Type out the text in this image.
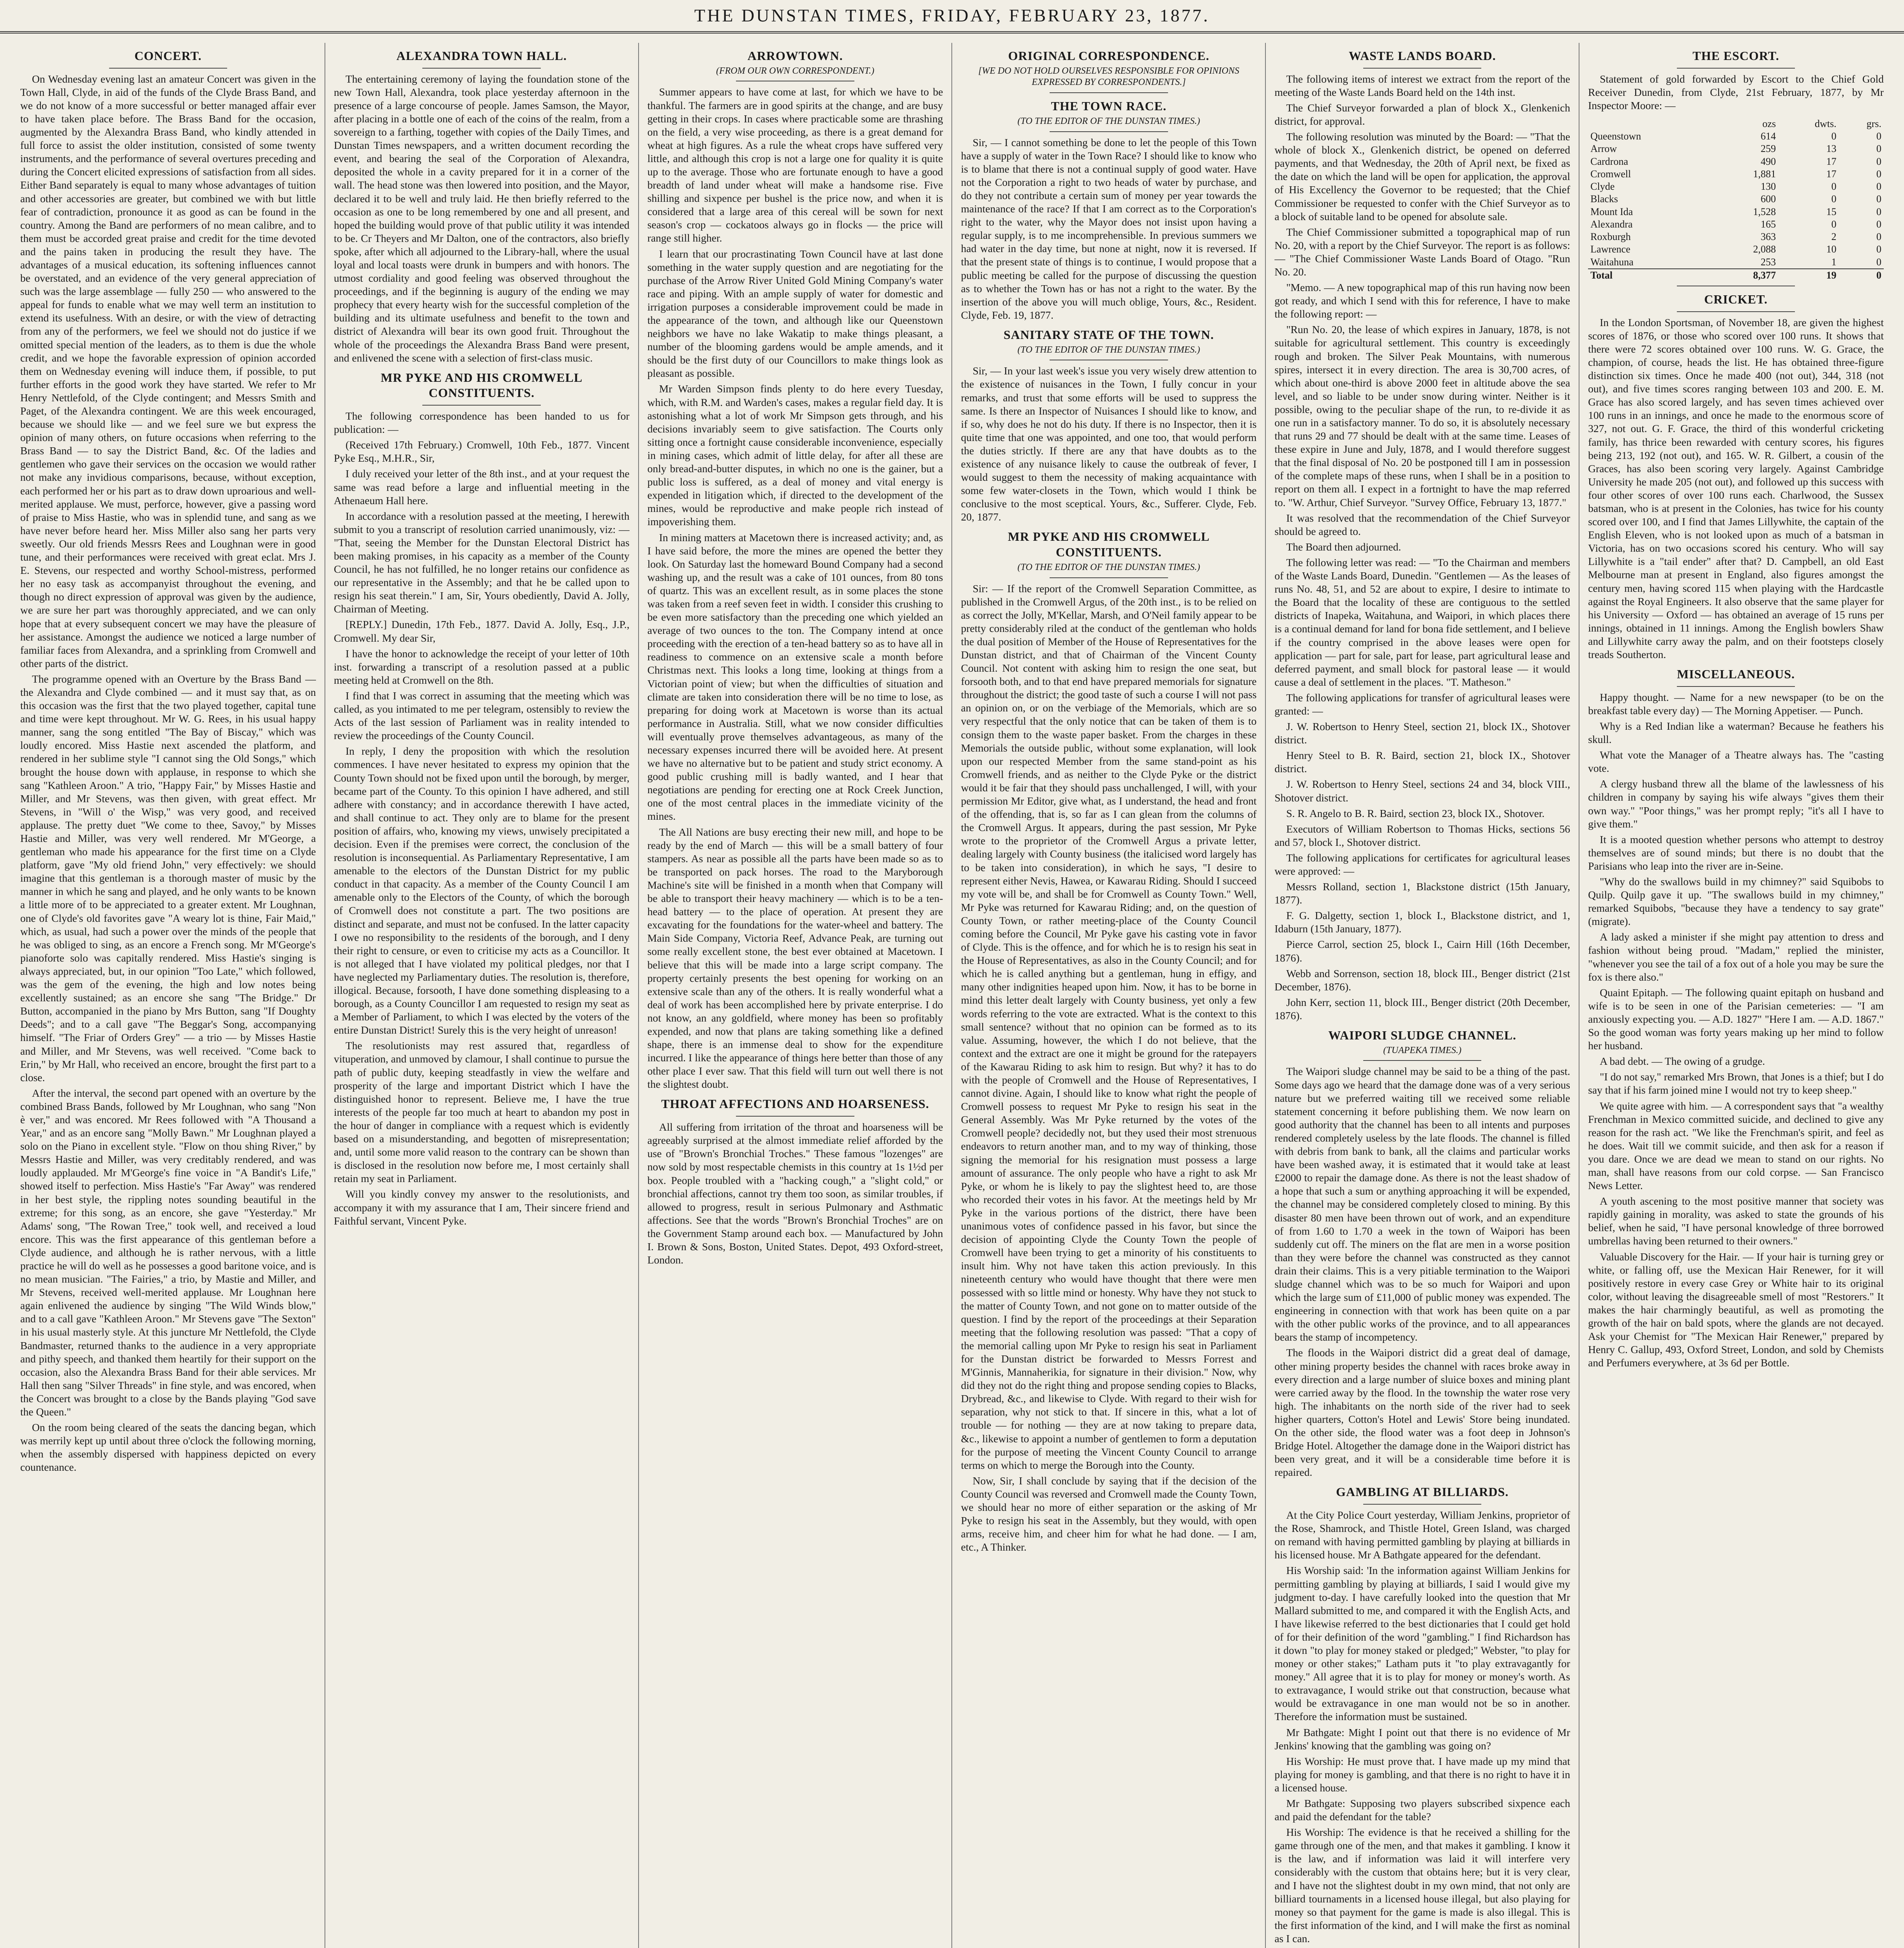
THE DUNSTAN TIMES, FRIDAY, FEBRUARY 23, 1877.
CONCERT.

On Wednesday evening last an amateur Concert was given in the Town Hall, Clyde, in aid of the funds of the Clyde Brass Band, and we do not know of a more successful or better managed affair ever to have taken place before. The Brass Band for the occasion, augmented by the Alexandra Brass Band, who kindly attended in full force to assist the older institution, consisted of some twenty instruments, and the performance of several overtures preceding and during the Concert elicited expressions of satisfaction from all sides. Either Band separately is equal to many whose advantages of tuition and other accessories are greater, but combined we with but little fear of contradiction, pronounce it as good as can be found in the country. Among the Band are performers of no mean calibre, and to them must be accorded great praise and credit for the time devoted and the pains taken in producing the result they have. The advantages of a musical education, its softening influences cannot be overstated, and an evidence of the very general appreciation of such was the large assemblage — fully 250 — who answered to the appeal for funds to enable what we may well term an institution to extend its usefulness. With an desire, or with the view of detracting from any of the performers, we feel we should not do justice if we omitted special mention of the leaders, as to them is due the whole credit, and we hope the favorable expression of opinion accorded them on Wednesday evening will induce them, if possible, to put further efforts in the good work they have started. We refer to Mr Henry Nettlefold, of the Clyde contingent; and Messrs Smith and Paget, of the Alexandra contingent. We are this week encouraged, because we should like — and we feel sure we but express the opinion of many others, on future occasions when referring to the Brass Band — to say the District Band, &c. Of the ladies and gentlemen who gave their services on the occasion we would rather not make any invidious comparisons, because, without exception, each performed her or his part as to draw down uproarious and well-merited applause. We must, perforce, however, give a passing word of praise to Miss Hastie, who was in splendid tune, and sang as we have never before heard her. Miss Miller also sang her parts very sweetly. Our old friends Messrs Rees and Loughnan were in good tune, and their performances were received with great eclat. Mrs J. E. Stevens, our respected and worthy School-mistress, performed her no easy task as accompanyist throughout the evening, and though no direct expression of approval was given by the audience, we are sure her part was thoroughly appreciated, and we can only hope that at every subsequent concert we may have the pleasure of her assistance. Amongst the audience we noticed a large number of familiar faces from Alexandra, and a sprinkling from Cromwell and other parts of the district.

The programme opened with an Overture by the Brass Band — the Alexandra and Clyde combined — and it must say that, as on this occasion was the first that the two played together, capital tune and time were kept throughout. Mr W. G. Rees, in his usual happy manner, sang the song entitled "The Bay of Biscay," which was loudly encored. Miss Hastie next ascended the platform, and rendered in her sublime style "I cannot sing the Old Songs," which brought the house down with applause, in response to which she sang "Kathleen Aroon." A trio, "Happy Fair," by Misses Hastie and Miller, and Mr Stevens, was then given, with great effect. Mr Stevens, in "Will o' the Wisp," was very good, and received applause. The pretty duet "We come to thee, Savoy," by Misses Hastie and Miller, was very well rendered. Mr M'George, a gentleman who made his appearance for the first time on a Clyde platform, gave "My old friend John," very effectively: we should imagine that this gentleman is a thorough master of music by the manner in which he sang and played, and he only wants to be known a little more of to be appreciated to a greater extent. Mr Loughnan, one of Clyde's old favorites gave "A weary lot is thine, Fair Maid," which, as usual, had such a power over the minds of the people that he was obliged to sing, as an encore a French song. Mr M'George's pianoforte solo was capitally rendered. Miss Hastie's singing is always appreciated, but, in our opinion "Too Late," which followed, was the gem of the evening, the high and low notes being excellently sustained; as an encore she sang "The Bridge." Dr Button, accompanied in the piano by Mrs Button, sang "If Doughty Deeds"; and to a call gave "The Beggar's Song, accompanying himself. "The Friar of Orders Grey" — a trio — by Misses Hastie and Miller, and Mr Stevens, was well received. "Come back to Erin," by Mr Hall, who received an encore, brought the first part to a close.

After the interval, the second part opened with an overture by the combined Brass Bands, followed by Mr Loughnan, who sang "Non è ver," and was encored. Mr Rees followed with "A Thousand a Year," and as an encore sang "Molly Bawn." Mr Loughnan played a solo on the Piano in excellent style. "Flow on thou shing River," by Messrs Hastie and Miller, was very creditably rendered, and was loudly applauded. Mr M'George's fine voice in "A Bandit's Life," showed itself to perfection. Miss Hastie's "Far Away" was rendered in her best style, the rippling notes sounding beautiful in the extreme; for this song, as an encore, she gave "Yesterday." Mr Adams' song, "The Rowan Tree," took well, and received a loud encore. This was the first appearance of this gentleman before a Clyde audience, and although he is rather nervous, with a little practice he will do well as he possesses a good baritone voice, and is no mean musician. "The Fairies," a trio, by Mastie and Miller, and Mr Stevens, received well-merited applause. Mr Loughnan here again enlivened the audience by singing "The Wild Winds blow," and to a call gave "Kathleen Aroon." Mr Stevens gave "The Sexton" in his usual masterly style. At this juncture Mr Nettlefold, the Clyde Bandmaster, returned thanks to the audience in a very appropriate and pithy speech, and thanked them heartily for their support on the occasion, also the Alexandra Brass Band for their able services. Mr Hall then sang "Silver Threads" in fine style, and was encored, when the Concert was brought to a close by the Bands playing "God save the Queen."

On the room being cleared of the seats the dancing began, which was merrily kept up until about three o'clock the following morning, when the assembly dispersed with happiness depicted on every countenance.

ALEXANDRA TOWN HALL.

The entertaining ceremony of laying the foundation stone of the new Town Hall, Alexandra, took place yesterday afternoon in the presence of a large concourse of people. James Samson, the Mayor, after placing in a bottle one of each of the coins of the realm, from a sovereign to a farthing, together with copies of the Daily Times, and Dunstan Times newspapers, and a written document recording the event, and bearing the seal of the Corporation of Alexandra, deposited the whole in a cavity prepared for it in a corner of the wall. The head stone was then lowered into position, and the Mayor, declared it to be well and truly laid. He then briefly referred to the occasion as one to be long remembered by one and all present, and hoped the building would prove of that public utility it was intended to be. Cr Theyers and Mr Dalton, one of the contractors, also briefly spoke, after which all adjourned to the Library-hall, where the usual loyal and local toasts were drunk in bumpers and with honors. The utmost cordiality and good feeling was observed throughout the proceedings, and if the beginning is augury of the ending we may prophecy that every hearty wish for the successful completion of the building and its ultimate usefulness and benefit to the town and district of Alexandra will bear its own good fruit. Throughout the whole of the proceedings the Alexandra Brass Band were present, and enlivened the scene with a selection of first-class music.

MR PYKE AND HIS CROMWELL CONSTITUENTS.

The following correspondence has been handed to us for publication: —

(Received 17th February.) Cromwell, 10th Feb., 1877. Vincent Pyke Esq., M.H.R., Sir,

I duly received your letter of the 8th inst., and at your request the same was read before a large and influential meeting in the Athenaeum Hall here.

In accordance with a resolution passed at the meeting, I herewith submit to you a transcript of resolution carried unanimously, viz: — "That, seeing the Member for the Dunstan Electoral District has been making promises, in his capacity as a member of the County Council, he has not fulfilled, he no longer retains our confidence as our representative in the Assembly; and that he be called upon to resign his seat therein." I am, Sir, Yours obediently, David A. Jolly, Chairman of Meeting.

[REPLY.] Dunedin, 17th Feb., 1877. David A. Jolly, Esq., J.P., Cromwell. My dear Sir,

I have the honor to acknowledge the receipt of your letter of 10th inst. forwarding a transcript of a resolution passed at a public meeting held at Cromwell on the 8th.

I find that I was correct in assuming that the meeting which was called, as you intimated to me per telegram, ostensibly to review the Acts of the last session of Parliament was in reality intended to review the proceedings of the County Council.

In reply, I deny the proposition with which the resolution commences. I have never hesitated to express my opinion that the County Town should not be fixed upon until the borough, by merger, became part of the County. To this opinion I have adhered, and still adhere with constancy; and in accordance therewith I have acted, and shall continue to act. They only are to blame for the present position of affairs, who, knowing my views, unwisely precipitated a decision. Even if the premises were correct, the conclusion of the resolution is inconsequential. As Parliamentary Representative, I am amenable to the electors of the Dunstan District for my public conduct in that capacity. As a member of the County Council I am amenable only to the Electors of the County, of which the borough of Cromwell does not constitute a part. The two positions are distinct and separate, and must not be confused. In the latter capacity I owe no responsibility to the residents of the borough, and I deny their right to censure, or even to criticise my acts as a Councillor. It is not alleged that I have violated my political pledges, nor that I have neglected my Parliamentary duties. The resolution is, therefore, illogical. Because, forsooth, I have done something displeasing to a borough, as a County Councillor I am requested to resign my seat as a Member of Parliament, to which I was elected by the voters of the entire Dunstan District! Surely this is the very height of unreason!

The resolutionists may rest assured that, regardless of vituperation, and unmoved by clamour, I shall continue to pursue the path of public duty, keeping steadfastly in view the welfare and prosperity of the large and important District which I have the distinguished honor to represent. Believe me, I have the true interests of the people far too much at heart to abandon my post in the hour of danger in compliance with a request which is evidently based on a misunderstanding, and begotten of misrepresentation; and, until some more valid reason to the contrary can be shown than is disclosed in the resolution now before me, I most certainly shall retain my seat in Parliament.

Will you kindly convey my answer to the resolutionists, and accompany it with my assurance that I am, Their sincere friend and Faithful servant, Vincent Pyke.

ARROWTOWN.
(FROM OUR OWN CORRESPONDENT.)

Summer appears to have come at last, for which we have to be thankful. The farmers are in good spirits at the change, and are busy getting in their crops. In cases where practicable some are thrashing on the field, a very wise proceeding, as there is a great demand for wheat at high figures. As a rule the wheat crops have suffered very little, and although this crop is not a large one for quality it is quite up to the average. Those who are fortunate enough to have a good breadth of land under wheat will make a handsome rise. Five shilling and sixpence per bushel is the price now, and when it is considered that a large area of this cereal will be sown for next season's crop — cockatoos always go in flocks — the price will range still higher.

I learn that our procrastinating Town Council have at last done something in the water supply question and are negotiating for the purchase of the Arrow River United Gold Mining Company's water race and piping. With an ample supply of water for domestic and irrigation purposes a considerable improvement could be made in the appearance of the town, and although like our Queenstown neighbors we have no lake Wakatip to make things pleasant, a number of the blooming gardens would be ample amends, and it should be the first duty of our Councillors to make things look as pleasant as possible.

Mr Warden Simpson finds plenty to do here every Tuesday, which, with R.M. and Warden's cases, makes a regular field day. It is astonishing what a lot of work Mr Simpson gets through, and his decisions invariably seem to give satisfaction. The Courts only sitting once a fortnight cause considerable inconvenience, especially in mining cases, which admit of little delay, for after all these are only bread-and-butter disputes, in which no one is the gainer, but a public loss is suffered, as a deal of money and vital energy is expended in litigation which, if directed to the development of the mines, would be reproductive and make people rich instead of impoverishing them.

In mining matters at Macetown there is increased activity; and, as I have said before, the more the mines are opened the better they look. On Saturday last the homeward Bound Company had a second washing up, and the result was a cake of 101 ounces, from 80 tons of quartz. This was an excellent result, as in some places the stone was taken from a reef seven feet in width. I consider this crushing to be even more satisfactory than the preceding one which yielded an average of two ounces to the ton. The Company intend at once proceeding with the erection of a ten-head battery so as to have all in readiness to commence on an extensive scale a month before Christmas next. This looks a long time, looking at things from a Victorian point of view; but when the difficulties of situation and climate are taken into consideration there will be no time to lose, as preparing for doing work at Macetown is worse than its actual performance in Australia. Still, what we now consider difficulties will eventually prove themselves advantageous, as many of the necessary expenses incurred there will be avoided here. At present we have no alternative but to be patient and study strict economy. A good public crushing mill is badly wanted, and I hear that negotiations are pending for erecting one at Rock Creek Junction, one of the most central places in the immediate vicinity of the mines.

The All Nations are busy erecting their new mill, and hope to be ready by the end of March — this will be a small battery of four stampers. As near as possible all the parts have been made so as to be transported on pack horses. The road to the Maryborough Machine's site will be finished in a month when that Company will be able to transport their heavy machinery — which is to be a ten-head battery — to the place of operation. At present they are excavating for the foundations for the water-wheel and battery. The Main Side Company, Victoria Reef, Advance Peak, are turning out some really excellent stone, the best ever obtained at Macetown. I believe that this will be made into a large script company. The property certainly presents the best opening for working on an extensive scale than any of the others. It is really wonderful what a deal of work has been accomplished here by private enterprise. I do not know, an any goldfield, where money has been so profitably expended, and now that plans are taking something like a defined shape, there is an immense deal to show for the expenditure incurred. I like the appearance of things here better than those of any other place I ever saw. That this field will turn out well there is not the slightest doubt.

THROAT AFFECTIONS AND HOARSENESS.

All suffering from irritation of the throat and hoarseness will be agreeably surprised at the almost immediate relief afforded by the use of "Brown's Bronchial Troches." These famous "lozenges" are now sold by most respectable chemists in this country at 1s 1½d per box. People troubled with a "hacking cough," a "slight cold," or bronchial affections, cannot try them too soon, as similar troubles, if allowed to progress, result in serious Pulmonary and Asthmatic affections. See that the words "Brown's Bronchial Troches" are on the Government Stamp around each box. — Manufactured by John I. Brown & Sons, Boston, United States. Depot, 493 Oxford-street, London.

ORIGINAL CORRESPONDENCE.
[WE DO NOT HOLD OURSELVES RESPONSIBLE FOR OPINIONS EXPRESSED BY CORRESPONDENTS.]
THE TOWN RACE.
(TO THE EDITOR OF THE DUNSTAN TIMES.)

Sir, — I cannot something be done to let the people of this Town have a supply of water in the Town Race? I should like to know who is to blame that there is not a continual supply of good water. Have not the Corporation a right to two heads of water by purchase, and do they not contribute a certain sum of money per year towards the maintenance of the race? If that I am correct as to the Corporation's right to the water, why the Mayor does not insist upon having a regular supply, is to me incomprehensible. In previous summers we had water in the day time, but none at night, now it is reversed. If that the present state of things is to continue, I would propose that a public meeting be called for the purpose of discussing the question as to whether the Town has or has not a right to the water. By the insertion of the above you will much oblige, Yours, &c., Resident. Clyde, Feb. 19, 1877.

SANITARY STATE OF THE TOWN.
(TO THE EDITOR OF THE DUNSTAN TIMES.)

Sir, — In your last week's issue you very wisely drew attention to the existence of nuisances in the Town, I fully concur in your remarks, and trust that some efforts will be used to suppress the same. Is there an Inspector of Nuisances I should like to know, and if so, why does he not do his duty. If there is no Inspector, then it is quite time that one was appointed, and one too, that would perform the duties strictly. If there are any that have doubts as to the existence of any nuisance likely to cause the outbreak of fever, I would suggest to them the necessity of making acquaintance with some few water-closets in the Town, which would I think be conclusive to the most sceptical. Yours, &c., Sufferer. Clyde, Feb. 20, 1877.

MR PYKE AND HIS CROMWELL CONSTITUENTS.
(TO THE EDITOR OF THE DUNSTAN TIMES.)

Sir: — If the report of the Cromwell Separation Committee, as published in the Cromwell Argus, of the 20th inst., is to be relied on as correct the Jolly, M'Kellar, Marsh, and O'Neil family appear to be pretty considerably riled at the conduct of the gentleman who holds the dual position of Member of the House of Representatives for the Dunstan district, and that of Chairman of the Vincent County Council. Not content with asking him to resign the one seat, but forsooth both, and to that end have prepared memorials for signature throughout the district; the good taste of such a course I will not pass an opinion on, or on the verbiage of the Memorials, which are so very respectful that the only notice that can be taken of them is to consign them to the waste paper basket. From the charges in these Memorials the outside public, without some explanation, will look upon our respected Member from the same stand-point as his Cromwell friends, and as neither to the Clyde Pyke or the district would it be fair that they should pass unchallenged, I will, with your permission Mr Editor, give what, as I understand, the head and front of the offending, that is, so far as I can glean from the columns of the Cromwell Argus. It appears, during the past session, Mr Pyke wrote to the proprietor of the Cromwell Argus a private letter, dealing largely with County business (the italicised word largely has to be taken into consideration), in which he says, "I desire to represent either Nevis, Hawea, or Kawarau Riding. Should I succeed my vote will be, and shall be for Cromwell as County Town." Well, Mr Pyke was returned for Kawarau Riding; and, on the question of County Town, or rather meeting-place of the County Council coming before the Council, Mr Pyke gave his casting vote in favor of Clyde. This is the offence, and for which he is to resign his seat in the House of Representatives, as also in the County Council; and for which he is called anything but a gentleman, hung in effigy, and many other indignities heaped upon him. Now, it has to be borne in mind this letter dealt largely with County business, yet only a few words referring to the vote are extracted. What is the context to this small sentence? without that no opinion can be formed as to its value. Assuming, however, the which I do not believe, that the context and the extract are one it might be ground for the ratepayers of the Kawarau Riding to ask him to resign. But why? it has to do with the people of Cromwell and the House of Representatives, I cannot divine. Again, I should like to know what right the people of Cromwell possess to request Mr Pyke to resign his seat in the General Assembly. Was Mr Pyke returned by the votes of the Cromwell people? decidedly not, but they used their most strenuous endeavors to return another man, and to my way of thinking, those signing the memorial for his resignation must possess a large amount of assurance. The only people who have a right to ask Mr Pyke, or whom he is likely to pay the slightest heed to, are those who recorded their votes in his favor. At the meetings held by Mr Pyke in the various portions of the district, there have been unanimous votes of confidence passed in his favor, but since the decision of appointing Clyde the County Town the people of Cromwell have been trying to get a minority of his constituents to insult him. Why not have taken this action previously. In this nineteenth century who would have thought that there were men possessed with so little mind or honesty. Why have they not stuck to the matter of County Town, and not gone on to matter outside of the question. I find by the report of the proceedings at their Separation meeting that the following resolution was passed: "That a copy of the memorial calling upon Mr Pyke to resign his seat in Parliament for the Dunstan district be forwarded to Messrs Forrest and M'Ginnis, Mannaherikia, for signature in their division." Now, why did they not do the right thing and propose sending copies to Blacks, Drybread, &c., and likewise to Clyde. With regard to their wish for separation, why not stick to that. If sincere in this, what a lot of trouble — for nothing — they are at now taking to prepare data, &c., likewise to appoint a number of gentlemen to form a deputation for the purpose of meeting the Vincent County Council to arrange terms on which to merge the Borough into the County.

Now, Sir, I shall conclude by saying that if the decision of the County Council was reversed and Cromwell made the County Town, we should hear no more of either separation or the asking of Mr Pyke to resign his seat in the Assembly, but they would, with open arms, receive him, and cheer him for what he had done. — I am, etc., A Thinker.

WASTE LANDS BOARD.

The following items of interest we extract from the report of the meeting of the Waste Lands Board held on the 14th inst.

The Chief Surveyor forwarded a plan of block X., Glenkenich district, for approval.

The following resolution was minuted by the Board: — "That the whole of block X., Glenkenich district, be opened on deferred payments, and that Wednesday, the 20th of April next, be fixed as the date on which the land will be open for application, the approval of His Excellency the Governor to be requested; that the Chief Commissioner be requested to confer with the Chief Surveyor as to a block of suitable land to be opened for absolute sale.

The Chief Commissioner submitted a topographical map of run No. 20, with a report by the Chief Surveyor. The report is as follows: — "The Chief Commissioner Waste Lands Board of Otago. "Run No. 20.

"Memo. — A new topographical map of this run having now been got ready, and which I send with this for reference, I have to make the following report: —

"Run No. 20, the lease of which expires in January, 1878, is not suitable for agricultural settlement. This country is exceedingly rough and broken. The Silver Peak Mountains, with numerous spires, intersect it in every direction. The area is 30,700 acres, of which about one-third is above 2000 feet in altitude above the sea level, and so liable to be under snow during winter. Neither is it possible, owing to the peculiar shape of the run, to re-divide it as one run in a satisfactory manner. To do so, it is absolutely necessary that runs 29 and 77 should be dealt with at the same time. Leases of these expire in June and July, 1878, and I would therefore suggest that the final disposal of No. 20 be postponed till I am in possession of the complete maps of these runs, when I shall be in a position to report on them all. I expect in a fortnight to have the map referred to. "W. Arthur, Chief Surveyor. "Survey Office, February 13, 1877."

It was resolved that the recommendation of the Chief Surveyor should be agreed to.

The Board then adjourned.

The following letter was read: — "To the Chairman and members of the Waste Lands Board, Dunedin. "Gentlemen — As the leases of runs No. 48, 51, and 52 are about to expire, I desire to intimate to the Board that the locality of these are contiguous to the settled districts of Inapeka, Waitahuna, and Waipori, in which places there is a continual demand for land for bona fide settlement, and I believe if the country comprised in the above leases were open for application — part for sale, part for lease, part agricultural lease and deferred payment, and small block for pastoral lease — it would cause a deal of settlement in the places. "T. Matheson."

The following applications for transfer of agricultural leases were granted: —

J. W. Robertson to Henry Steel, section 21, block IX., Shotover district.

Henry Steel to B. R. Baird, section 21, block IX., Shotover district.

J. W. Robertson to Henry Steel, sections 24 and 34, block VIII., Shotover district.

S. R. Angelo to B. R. Baird, section 23, block IX., Shotover.

Executors of William Robertson to Thomas Hicks, sections 56 and 57, block I., Shotover district.

The following applications for certificates for agricultural leases were approved: —

Messrs Rolland, section 1, Blackstone district (15th January, 1877).

F. G. Dalgetty, section 1, block I., Blackstone district, and 1, Idaburn (15th January, 1877).

Pierce Carrol, section 25, block I., Cairn Hill (16th December, 1876).

Webb and Sorrenson, section 18, block III., Benger district (21st December, 1876).

John Kerr, section 11, block III., Benger district (20th December, 1876).

WAIPORI SLUDGE CHANNEL.
(TUAPEKA TIMES.)

The Waipori sludge channel may be said to be a thing of the past. Some days ago we heard that the damage done was of a very serious nature but we preferred waiting till we received some reliable statement concerning it before publishing them. We now learn on good authority that the channel has been to all intents and purposes rendered completely useless by the late floods. The channel is filled with debris from bank to bank, all the claims and particular works have been washed away, it is estimated that it would take at least £2000 to repair the damage done. As there is not the least shadow of a hope that such a sum or anything approaching it will be expended, the channel may be considered completely closed to mining. By this disaster 80 men have been thrown out of work, and an expenditure of from 1.60 to 1.70 a week in the town of Waipori has been suddenly cut off. The miners on the flat are men in a worse position than they were before the channel was constructed as they cannot drain their claims. This is a very pitiable termination to the Waipori sludge channel which was to be so much for Waipori and upon which the large sum of £11,000 of public money was expended. The engineering in connection with that work has been quite on a par with the other public works of the province, and to all appearances bears the stamp of incompetency.

The floods in the Waipori district did a great deal of damage, other mining property besides the channel with races broke away in every direction and a large number of sluice boxes and mining plant were carried away by the flood. In the township the water rose very high. The inhabitants on the north side of the river had to seek higher quarters, Cotton's Hotel and Lewis' Store being inundated. On the other side, the flood water was a foot deep in Johnson's Bridge Hotel. Altogether the damage done in the Waipori district has been very great, and it will be a considerable time before it is repaired.

GAMBLING AT BILLIARDS.

At the City Police Court yesterday, William Jenkins, proprietor of the Rose, Shamrock, and Thistle Hotel, Green Island, was charged on remand with having permitted gambling by playing at billiards in his licensed house. Mr A Bathgate appeared for the defendant.

His Worship said: 'In the information against William Jenkins for permitting gambling by playing at billiards, I said I would give my judgment to-day. I have carefully looked into the question that Mr Mallard submitted to me, and compared it with the English Acts, and I have likewise referred to the best dictionaries that I could get hold of for their definition of the word "gambling." I find Richardson has it down "to play for money staked or pledged;" Webster, "to play for money or other stakes;" Latham puts it "to play extravagantly for money." All agree that it is to play for money or money's worth. As to extravagance, I would strike out that construction, because what would be extravagance in one man would not be so in another. Therefore the information must be sustained.

Mr Bathgate: Might I point out that there is no evidence of Mr Jenkins' knowing that the gambling was going on?

His Worship: He must prove that. I have made up my mind that playing for money is gambling, and that there is no right to have it in a licensed house.

Mr Bathgate: Supposing two players subscribed sixpence each and paid the defendant for the table?

His Worship: The evidence is that he received a shilling for the game through one of the men, and that makes it gambling. I know it is the law, and if information was laid it will interfere very considerably with the custom that obtains here; but it is very clear, and I have not the slightest doubt in my own mind, that not only are billiard tournaments in a licensed house illegal, but also playing for money so that payment for the game is made is also illegal. This is the first information of the kind, and I will make the first as nominal as I can.

THE ESCORT.

Statement of gold forwarded by Escort to the Chief Gold Receiver Dunedin, from Clyde, 21st February, 1877, by Mr Inspector Moore: —

	ozs	dwts.	grs.
Queenstown	614	0	0
Arrow	259	13	0
Cardrona	490	17	0
Cromwell	1,881	17	0
Clyde	130	0	0
Blacks	600	0	0
Mount Ida	1,528	15	0
Alexandra	165	0	0
Roxburgh	363	2	0
Lawrence	2,088	10	0
Waitahuna	253	1	0
Total	8,377	19	0
CRICKET.

In the London Sportsman, of November 18, are given the highest scores of 1876, or those who scored over 100 runs. It shows that there were 72 scores obtained over 100 runs. W. G. Grace, the champion, of course, heads the list. He has obtained three-figure distinction six times. Once he made 400 (not out), 344, 318 (not out), and five times scores ranging between 103 and 200. E. M. Grace has also scored largely, and has seven times achieved over 100 runs in an innings, and once he made to the enormous score of 327, not out. G. F. Grace, the third of this wonderful cricketing family, has thrice been rewarded with century scores, his figures being 213, 192 (not out), and 165. W. R. Gilbert, a cousin of the Graces, has also been scoring very largely. Against Cambridge University he made 205 (not out), and followed up this success with four other scores of over 100 runs each. Charlwood, the Sussex batsman, who is at present in the Colonies, has twice for his county scored over 100, and I find that James Lillywhite, the captain of the English Eleven, who is not looked upon as much of a batsman in Victoria, has on two occasions scored his century. Who will say Lillywhite is a "tail ender" after that? D. Campbell, an old East Melbourne man at present in England, also figures amongst the century men, having scored 115 when playing with the Hardcastle against the Royal Engineers. It also observe that the same player for his University — Oxford — has obtained an average of 15 runs per innings, obtained in 11 innings. Among the English bowlers Shaw and Lillywhite carry away the palm, and on their footsteps closely treads Southerton.

MISCELLANEOUS.

Happy thought. — Name for a new newspaper (to be on the breakfast table every day) — The Morning Appetiser. — Punch.

Why is a Red Indian like a waterman? Because he feathers his skull.

What vote the Manager of a Theatre always has. The "casting vote.

A clergy husband threw all the blame of the lawlessness of his children in company by saying his wife always "gives them their own way." "Poor things," was her prompt reply; "it's all I have to give them."

It is a mooted question whether persons who attempt to destroy themselves are of sound minds; but there is no doubt that the Parisians who leap into the river are in-Seine.

"Why do the swallows build in my chimney?" said Squibobs to Quilp. Quilp gave it up. "The swallows build in my chimney," remarked Squibobs, "because they have a tendency to say grate" (migrate).

A lady asked a minister if she might pay attention to dress and fashion without being proud. "Madam," replied the minister, "whenever you see the tail of a fox out of a hole you may be sure the fox is there also."

Quaint Epitaph. — The following quaint epitaph on husband and wife is to be seen in one of the Parisian cemeteries: — "I am anxiously expecting you. — A.D. 1827" "Here I am. — A.D. 1867." So the good woman was forty years making up her mind to follow her husband.

A bad debt. — The owing of a grudge.

"I do not say," remarked Mrs Brown, that Jones is a thief; but I do say that if his farm joined mine I would not try to keep sheep."

We quite agree with him. — A correspondent says that "a wealthy Frenchman in Mexico committed suicide, and declined to give any reason for the rash act. "We like the Frenchman's spirit, and feel as he does. Wait till we commit suicide, and then ask for a reason if you dare. Once we are dead we mean to stand on our rights. No man, shall have reasons from our cold corpse. — San Francisco News Letter.

A youth ascening to the most positive manner that society was rapidly gaining in morality, was asked to state the grounds of his belief, when he said, "I have personal knowledge of three borrowed umbrellas having been returned to their owners."

Valuable Discovery for the Hair. — If your hair is turning grey or white, or falling off, use the Mexican Hair Renewer, for it will positively restore in every case Grey or White hair to its original color, without leaving the disagreeable smell of most "Restorers." It makes the hair charmingly beautiful, as well as promoting the growth of the hair on bald spots, where the glands are not decayed. Ask your Chemist for "The Mexican Hair Renewer," prepared by Henry C. Gallup, 493, Oxford Street, London, and sold by Chemists and Perfumers everywhere, at 3s 6d per Bottle.
